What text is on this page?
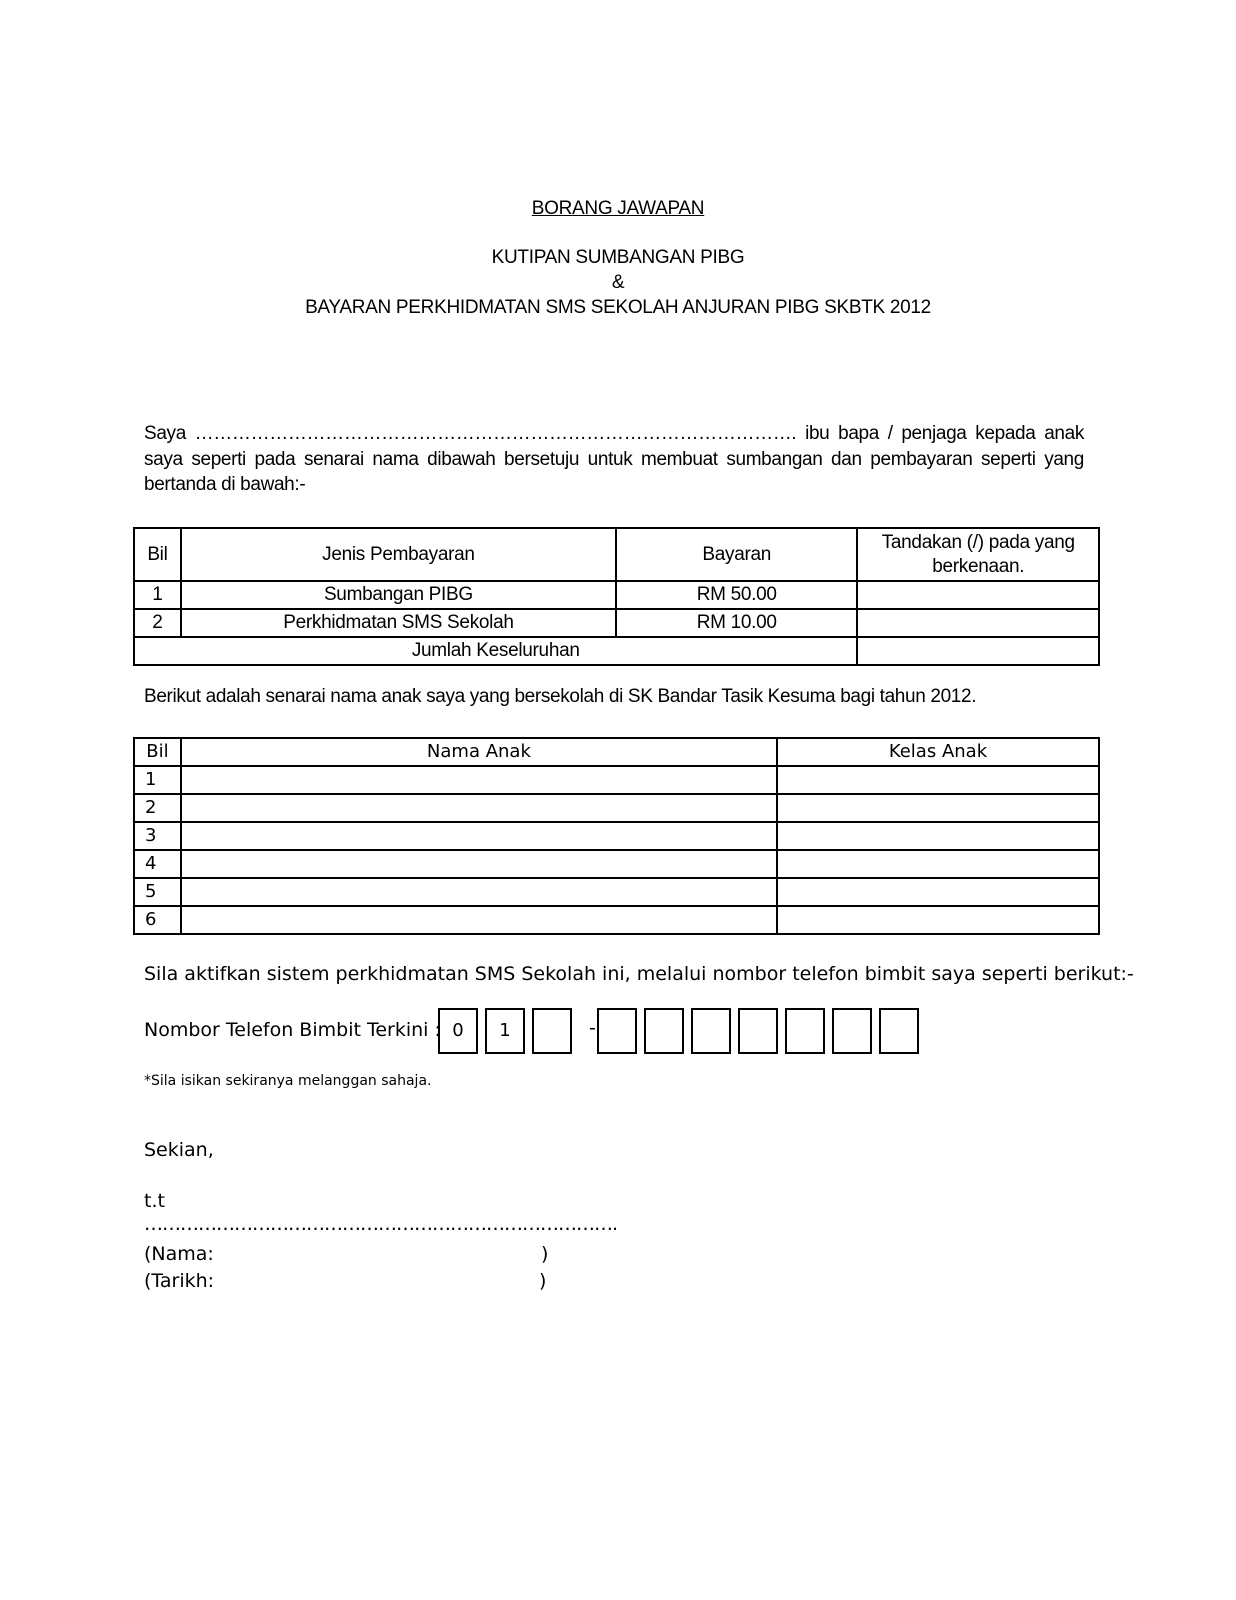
BORANG JAWAPAN
KUTIPAN SUMBANGAN PIBG
&
BAYARAN PERKHIDMATAN SMS SEKOLAH ANJURAN PIBG SKBTK 2012
Saya ……………………………………………………………………………………. ibu bapa / penjaga kepada anak saya seperti pada senarai nama dibawah bersetuju untuk membuat sumbangan dan pembayaran seperti yang bertanda di bawah:-
Bil	Jenis Pembayaran	Bayaran	Tandakan (/) pada yang berkenaan.
1	Sumbangan PIBG	RM 50.00	
2	Perkhidmatan SMS Sekolah	RM 10.00	
Jumlah Keseluruhan			
Berikut adalah senarai nama anak saya yang bersekolah di SK Bandar Tasik Kesuma bagi tahun 2012.
Bil	Nama Anak	Kelas Anak
1		
2		
3		
4		
5		
6		
Sila aktifkan sistem perkhidmatan SMS Sekolah ini, melalui nombor telefon bimbit saya seperti berikut:-
Nombor Telefon Bimbit Terkini : 0	1	-
*Sila isikan sekiranya melanggan sahaja.
Sekian,
t.t
…………………………………………………………………….
(Nama:	)
(Tarikh:	)
